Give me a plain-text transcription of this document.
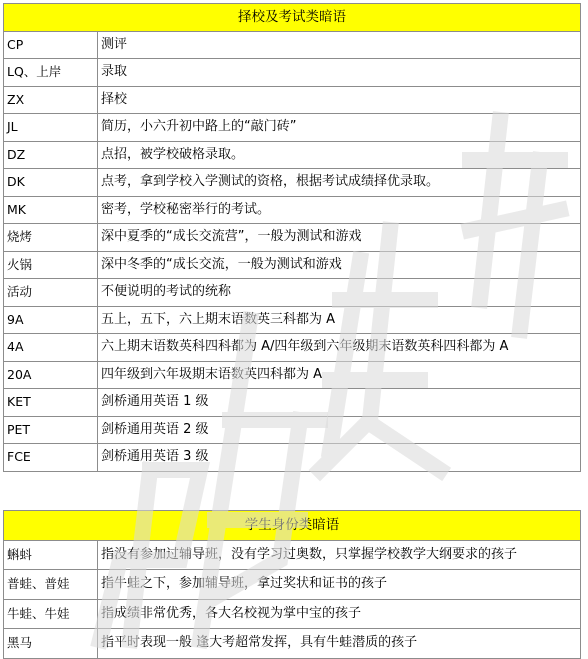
择校及考试类暗语	
CP	测评
LQ、上岸	录取
ZX	择校
JL	简历，小六升初中路上的“敲门砖”
DZ	点招，被学校破格录取。
DK	点考，拿到学校入学测试的资格，根据考试成绩择优录取。
MK	密考，学校秘密举行的考试。
烧烤	深中夏季的“成长交流营”，一般为测试和游戏
火锅	深中冬季的“成长交流，一般为测试和游戏
活动	不便说明的考试的统称
9A	五上，五下，六上期末语数英三科都为 A
4A	六上期末语数英科四科都为 A/四年级到六年级期末语数英科四科都为 A
20A	四年级到六年圾期末语数英四科都为 A
KET	剑桥通用英语 1 级
PET	剑桥通用英语 2 级
FCE	剑桥通用英语 3 级
学生身份类暗语	
蝌蚪	指没有参加过辅导班，没有学习过奥数，只掌握学校教学大纲要求的孩子
普蛙、普娃	指牛蛙之下，参加辅导班，拿过奖状和证书的孩子
牛蛙、牛娃	指成绩非常优秀，各大名校视为掌中宝的孩子
黑马	指平时表现一般 逢大考超常发挥，具有牛蛙潜质的孩子
